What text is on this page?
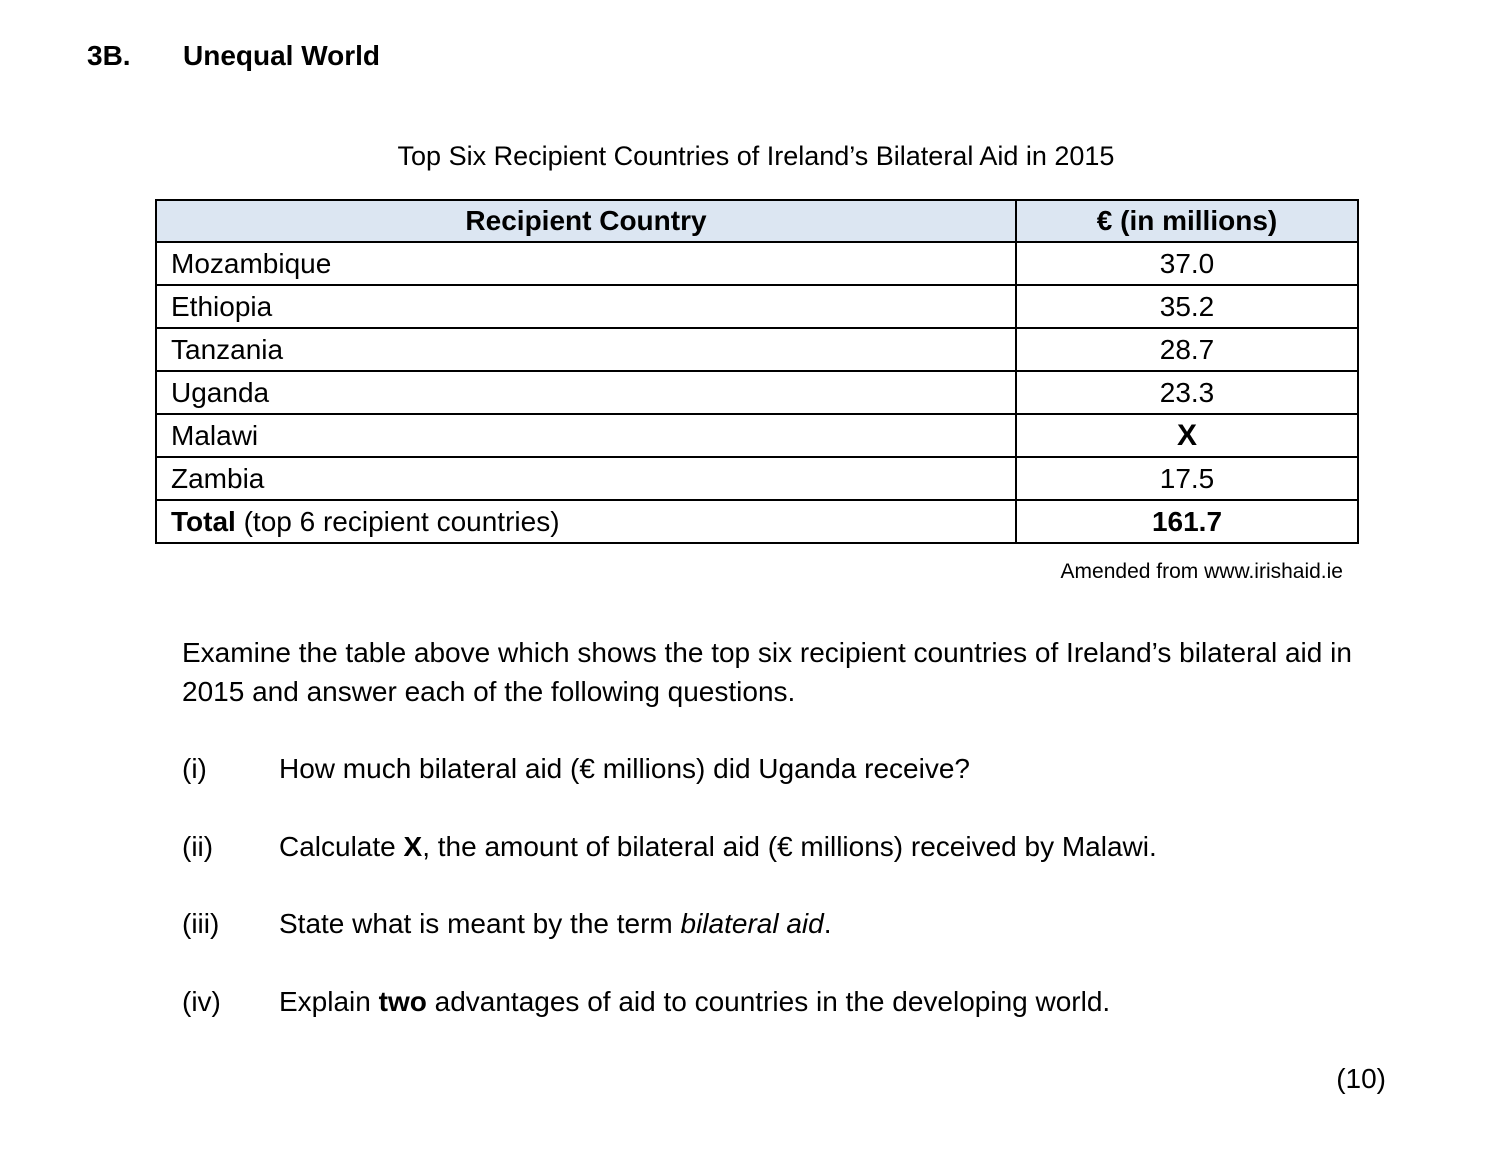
3B. Unequal World
Top Six Recipient Countries of Ireland’s Bilateral Aid in 2015
Recipient Country	€ (in millions)
Mozambique	37.0
Ethiopia	35.2
Tanzania	28.7
Uganda	23.3
Malawi	X
Zambia	17.5
Total (top 6 recipient countries)	161.7
Amended from www.irishaid.ie
Examine the table above which shows the top six recipient countries of Ireland’s bilateral aid in 2015 and answer each of the following questions.
(i)	How much bilateral aid (€ millions) did Uganda receive?
(ii) Calculate X, the amount of bilateral aid (€ millions) received by Malawi.
(iii) State what is meant by the term bilateral aid.
(iv) Explain two advantages of aid to countries in the developing world.
(10)
